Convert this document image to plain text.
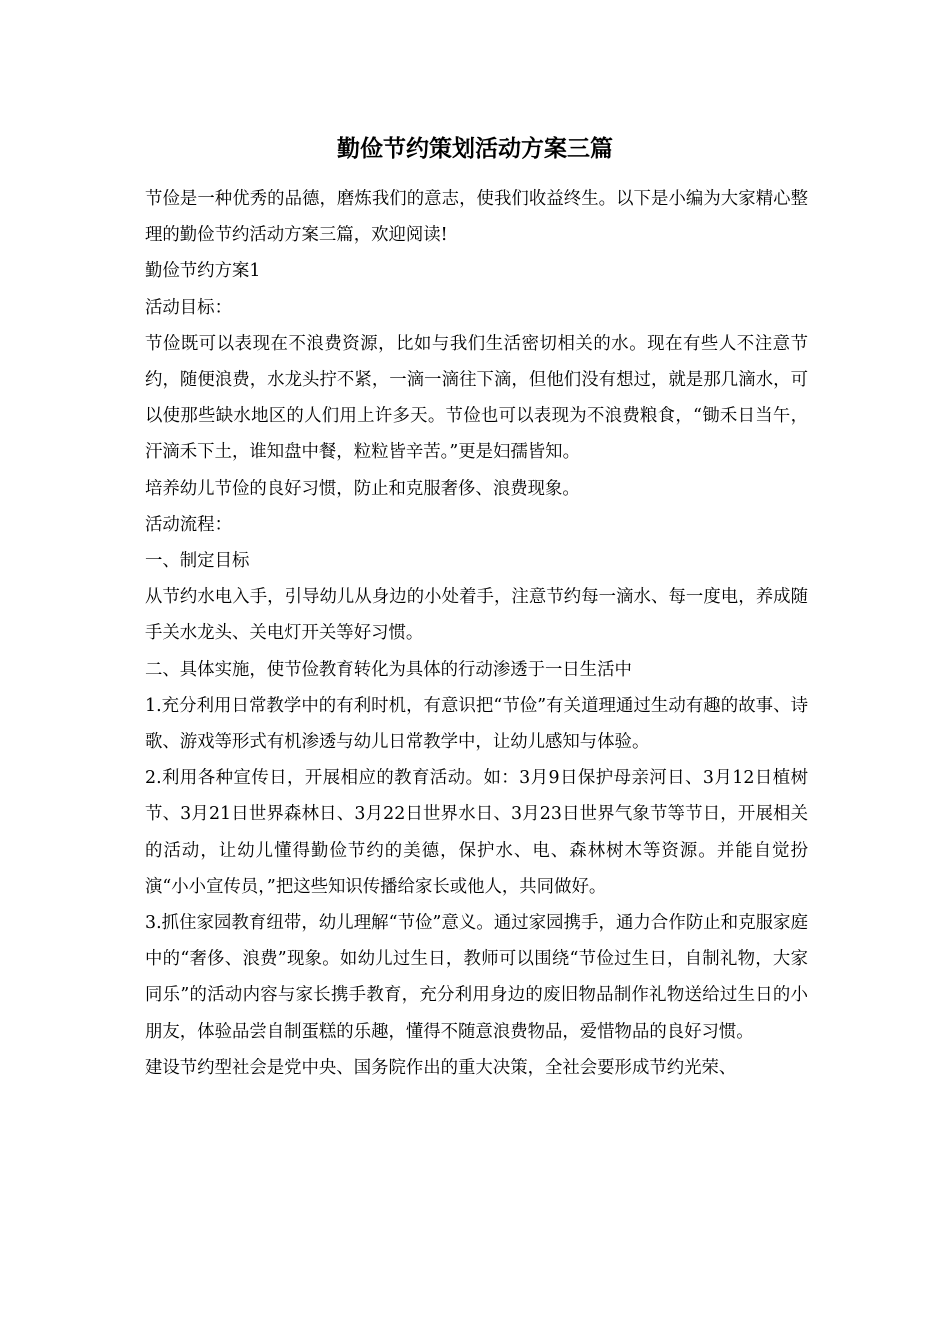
勤俭节约策划活动方案三篇

节俭是一种优秀的品德，磨炼我们的意志，使我们收益终生。以下是小编为大家精心整理的勤俭节约活动方案三篇，欢迎阅读!

勤俭节约方案1

活动目标：

节俭既可以表现在不浪费资源，比如与我们生活密切相关的水。现在有些人不注意节约，随便浪费，水龙头拧不紧，一滴一滴往下滴，但他们没有想过，就是那几滴水，可以使那些缺水地区的人们用上许多天。节俭也可以表现为不浪费粮食，“锄禾日当午，汗滴禾下土，谁知盘中餐，粒粒皆辛苦。”更是妇孺皆知。

培养幼儿节俭的良好习惯，防止和克服奢侈、浪费现象。

活动流程：

一、制定目标

从节约水电入手，引导幼儿从身边的小处着手，注意节约每一滴水、每一度电，养成随手关水龙头、关电灯开关等好习惯。

二、具体实施，使节俭教育转化为具体的行动渗透于一日生活中

1.充分利用日常教学中的有利时机，有意识把“节俭”有关道理通过生动有趣的故事、诗歌、游戏等形式有机渗透与幼儿日常教学中，让幼儿感知与体验。

2.利用各种宣传日，开展相应的教育活动。如：3月9日保护母亲河日、3月12日植树节、3月21日世界森林日、3月22日世界水日、3月23日世界气象节等节日，开展相关的活动，让幼儿懂得勤俭节约的美德，保护水、电、森林树木等资源。并能自觉扮演“小小宣传员，”把这些知识传播给家长或他人，共同做好。

3.抓住家园教育纽带，幼儿理解“节俭”意义。通过家园携手，通力合作防止和克服家庭中的“奢侈、浪费”现象。如幼儿过生日，教师可以围绕“节俭过生日，自制礼物，大家同乐”的活动内容与家长携手教育，充分利用身边的废旧物品制作礼物送给过生日的小朋友，体验品尝自制蛋糕的乐趣，懂得不随意浪费物品，爱惜物品的良好习惯。

建设节约型社会是党中央、国务院作出的重大决策，全社会要形成节约光荣、
